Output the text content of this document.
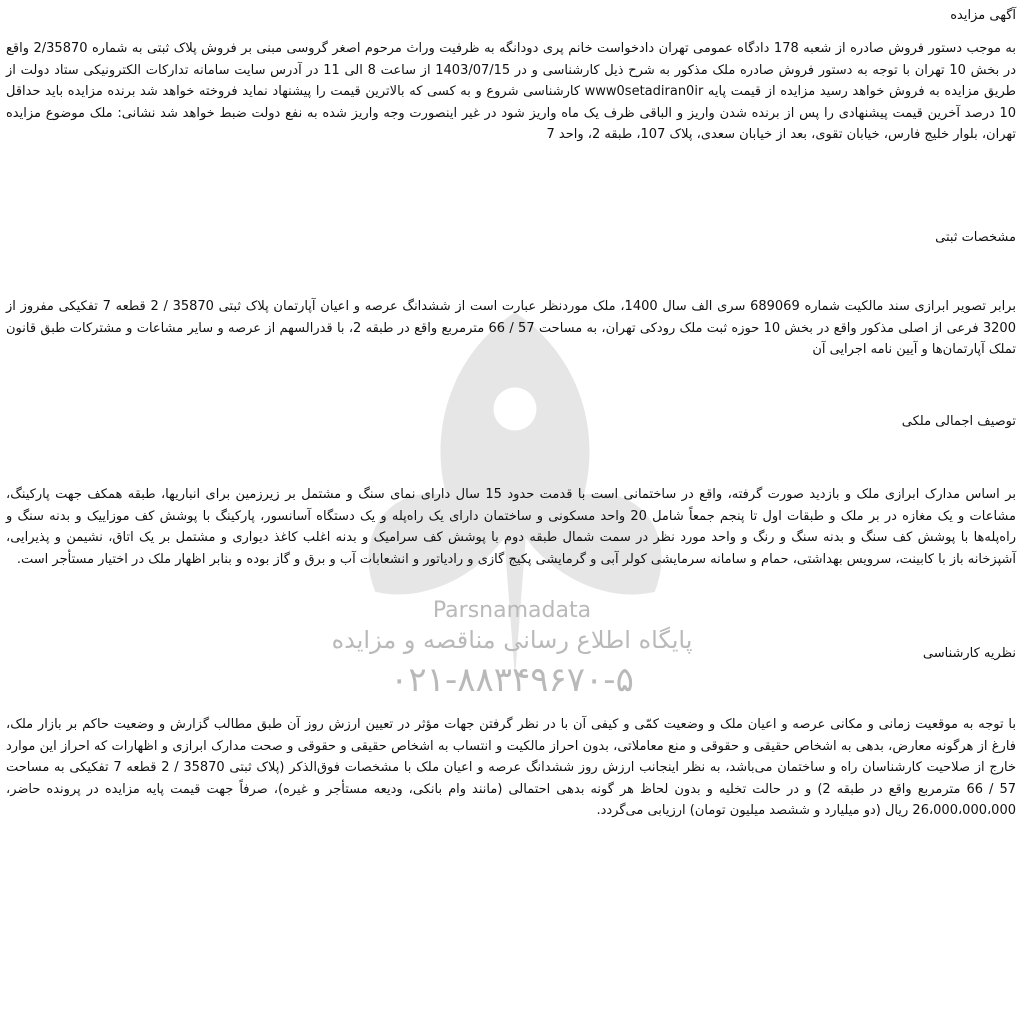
Parsnamadata
پایگاه اطلاع رسانی مناقصه و مزایده
۰۲۱-۸۸۳۴۹۶۷۰-۵
آگهی مزایده

به موجب دستور فروش صادره از شعبه 178 دادگاه عمومی تهران دادخواست خانم پری دودانگه به ظرفیت وراث مرحوم اصغر گروسی مبنی بر فروش پلاک ثبتی به شماره 2/35870 واقع در بخش 10 تهران با توجه به دستور فروش صادره ملک مذکور به شرح ذیل کارشناسی و در 1403/07/15 از ساعت 8 الی 11 در آدرس سایت سامانه تدارکات الکترونیکی ستاد دولت از طریق مزایده به فروش خواهد رسید مزایده از قیمت پایه www0setadiran0ir کارشناسی شروع و به کسی که بالاترین قیمت را پیشنهاد نماید فروخته خواهد شد برنده مزایده باید حداقل 10 درصد آخرین قیمت پیشنهادی را پس از برنده شدن واریز و الباقی ظرف یک ماه واریز شود در غیر اینصورت وجه واریز شده به نفع دولت ضبط خواهد شد نشانی: ملک موضوع مزایده تهران، بلوار خلیج فارس، خیابان تقوی، بعد از خیابان سعدی، پلاک 107، طبقه 2، واحد 7

مشخصات ثبتی

برابر تصویر ابرازی سند مالکیت شماره 689069 سری الف سال 1400، ملک موردنظر عبارت است از ششدانگ عرصه و اعیان آپارتمان پلاک ثبتی 35870 / 2 قطعه 7 تفکیکی مفروز از 3200 فرعی از اصلی مذکور واقع در بخش 10 حوزه ثبت ملک رودکی تهران، به مساحت 57 / 66 مترمربع واقع در طبقه 2، با قدرالسهم از عرصه و سایر مشاعات و مشترکات طبق قانون تملک آپارتمان‌ها و آیین نامه اجرایی آن

توصیف اجمالی ملکی

بر اساس مدارک ابرازی ملک و بازدید صورت گرفته، واقع در ساختمانی است با قدمت حدود 15 سال دارای نمای سنگ و مشتمل بر زیرزمین برای انباریها، طبقه همکف جهت پارکینگ، مشاعات و یک مغازه در بر ملک و طبقات اول تا پنجم جمعاً شامل 20 واحد مسکونی و ساختمان دارای یک راه‌پله و یک دستگاه آسانسور، پارکینگ با پوشش کف موزاییک و بدنه سنگ و راه‌پله‌ها با پوشش کف سنگ و بدنه سنگ و رنگ و واحد مورد نظر در سمت شمال طبقه دوم با پوشش کف سرامیک و بدنه اغلب کاغذ دیواری و مشتمل بر یک اتاق، نشیمن و پذیرایی، آشپزخانه باز با کابینت، سرویس بهداشتی، حمام و سامانه سرمایشی کولر آبی و گرمایشی پکیج گازی و رادیاتور و انشعابات آب و برق و گاز بوده و بنابر اظهار ملک در اختیار مستأجر است.

نظریه کارشناسی

با توجه به موقعیت زمانی و مکانی عرصه و اعیان ملک و وضعیت کمّی و کیفی آن با در نظر گرفتن جهات مؤثر در تعیین ارزش روز آن طبق مطالب گزارش و وضعیت حاکم بر بازار ملک، فارغ از هرگونه معارض، بدهی به اشخاص حقیقی و حقوقی و منع معاملاتی، بدون احراز مالکیت و انتساب به اشخاص حقیقی و حقوقی و صحت مدارک ابرازی و اظهارات که احراز این موارد خارج از صلاحیت کارشناسان راه و ساختمان می‌باشد، به نظر اینجانب ارزش روز ششدانگ عرصه و اعیان ملک با مشخصات فوق‌الذکر (پلاک ثبتی 35870 / 2 قطعه 7 تفکیکی به مساحت 57 / 66 مترمربع واقع در طبقه 2) و در حالت تخلیه و بدون لحاظ هر گونه بدهی احتمالی (مانند وام بانکی، ودیعه مستأجر و غیره)، صرفاً جهت قیمت پایه مزایده در پرونده حاضر، 26،000،000،000 ریال (دو میلیارد و ششصد میلیون تومان) ارزیابی می‌گردد.
